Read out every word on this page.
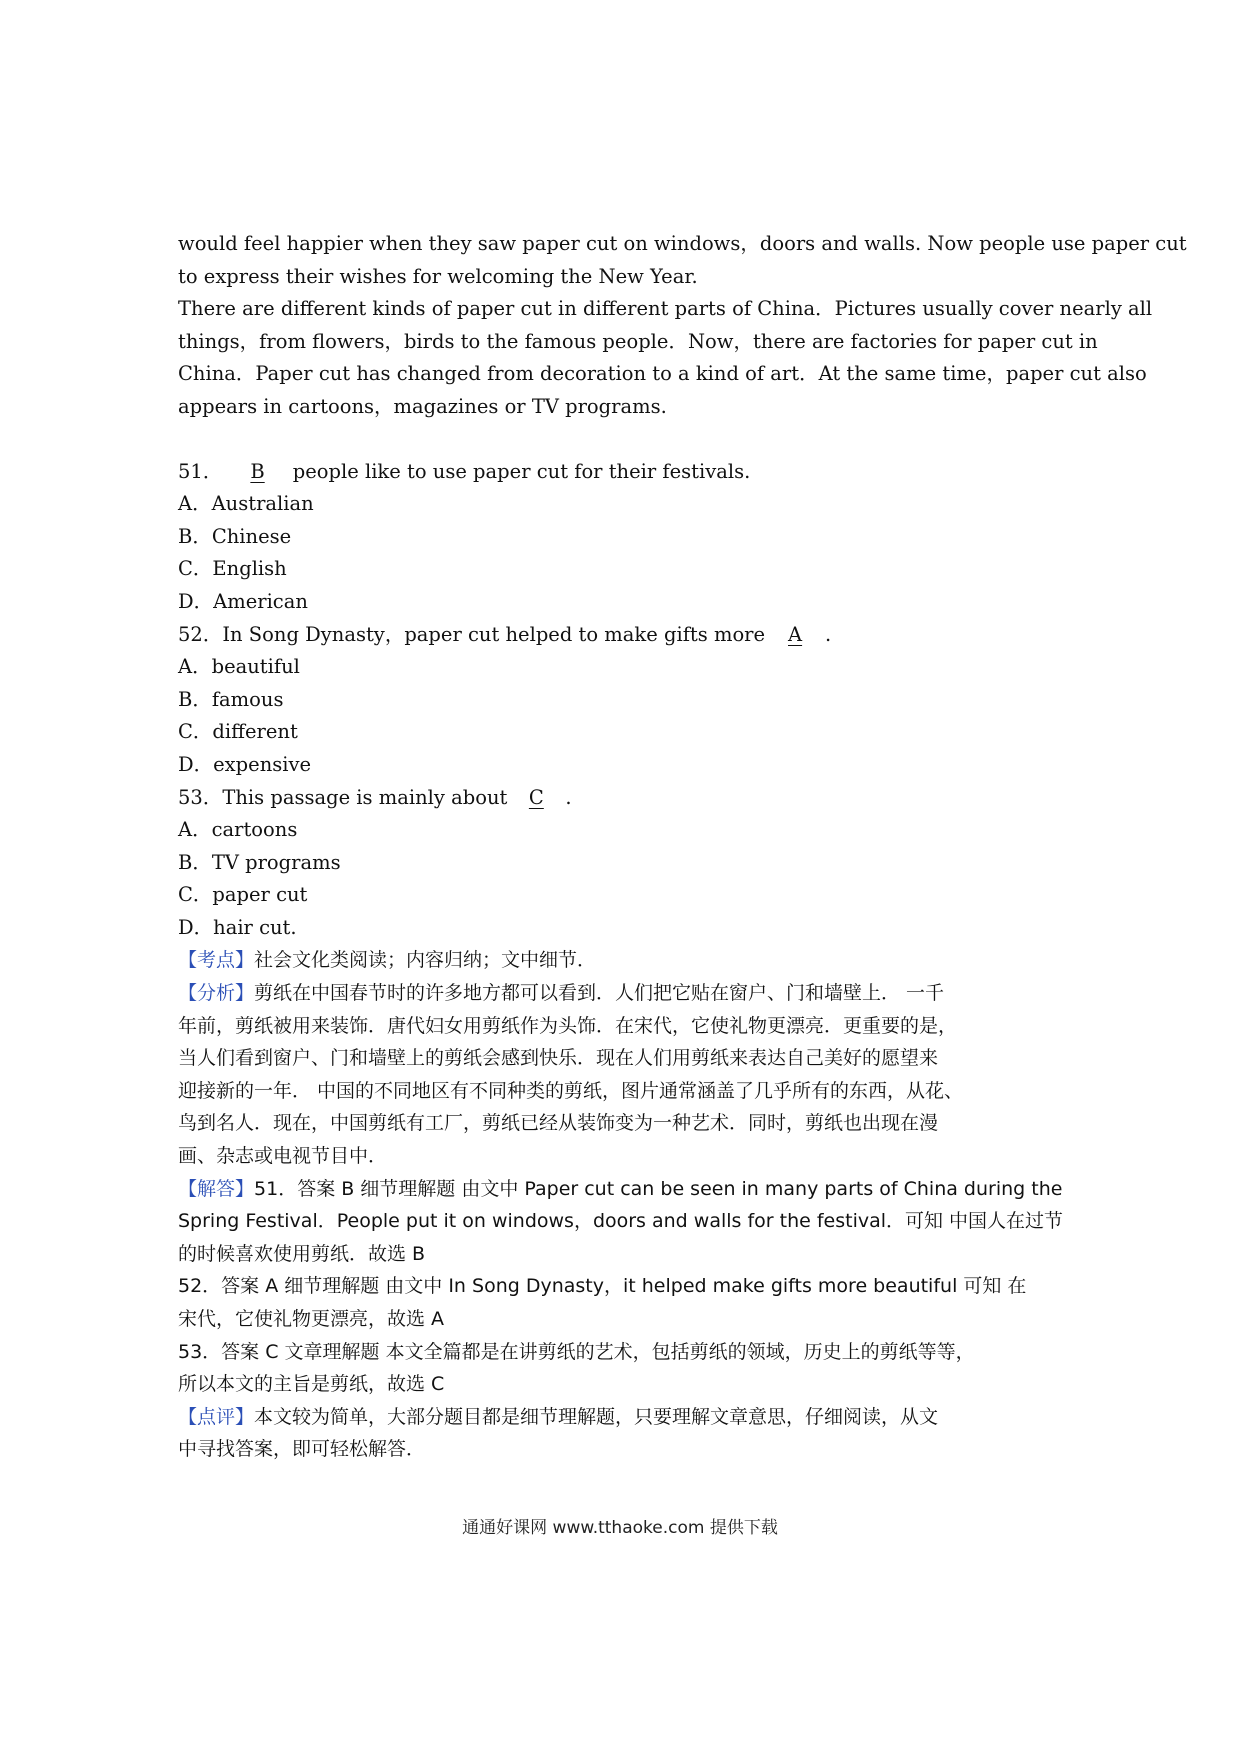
would feel happier when they saw paper cut on windows，doors and walls. Now people use paper cut
to express their wishes for welcoming the New Year.
There are different kinds of paper cut in different parts of China．Pictures usually cover nearly all
things，from flowers，birds to the famous people．Now，there are factories for paper cut in
China．Paper cut has changed from decoration to a kind of art．At the same time，paper cut also
appears in cartoons，magazines or TV programs.
51． B people like to use paper cut for their festivals.
A．Australian
B．Chinese
C．English
D．American
52．In Song Dynasty，paper cut helped to make gifts more A .
A．beautiful
B．famous
C．different
D．expensive
53．This passage is mainly about C .
A．cartoons
B．TV programs
C．paper cut
D．hair cut.
【考点】社会文化类阅读；内容归纳；文中细节．
【分析】剪纸在中国春节时的许多地方都可以看到．人们把它贴在窗户、门和墙壁上． 一千
年前，剪纸被用来装饰．唐代妇女用剪纸作为头饰．在宋代，它使礼物更漂亮．更重要的是，
当人们看到窗户、门和墙壁上的剪纸会感到快乐．现在人们用剪纸来表达自己美好的愿望来
迎接新的一年． 中国的不同地区有不同种类的剪纸，图片通常涵盖了几乎所有的东西，从花、
鸟到名人．现在，中国剪纸有工厂，剪纸已经从装饰变为一种艺术．同时，剪纸也出现在漫
画、杂志或电视节目中．
【解答】51．答案 B 细节理解题 由文中 Paper cut can be seen in many parts of China during the
Spring Festival．People put it on windows，doors and walls for the festival．可知 中国人在过节
的时候喜欢使用剪纸．故选 B
52．答案 A 细节理解题 由文中 In Song Dynasty，it helped make gifts more beautiful 可知 在
宋代，它使礼物更漂亮，故选 A
53．答案 C 文章理解题 本文全篇都是在讲剪纸的艺术，包括剪纸的领域，历史上的剪纸等等，
所以本文的主旨是剪纸，故选 C
【点评】本文较为简单，大部分题目都是细节理解题，只要理解文章意思，仔细阅读，从文
中寻找答案，即可轻松解答．
通通好课网 www.tthaoke.com 提供下载
